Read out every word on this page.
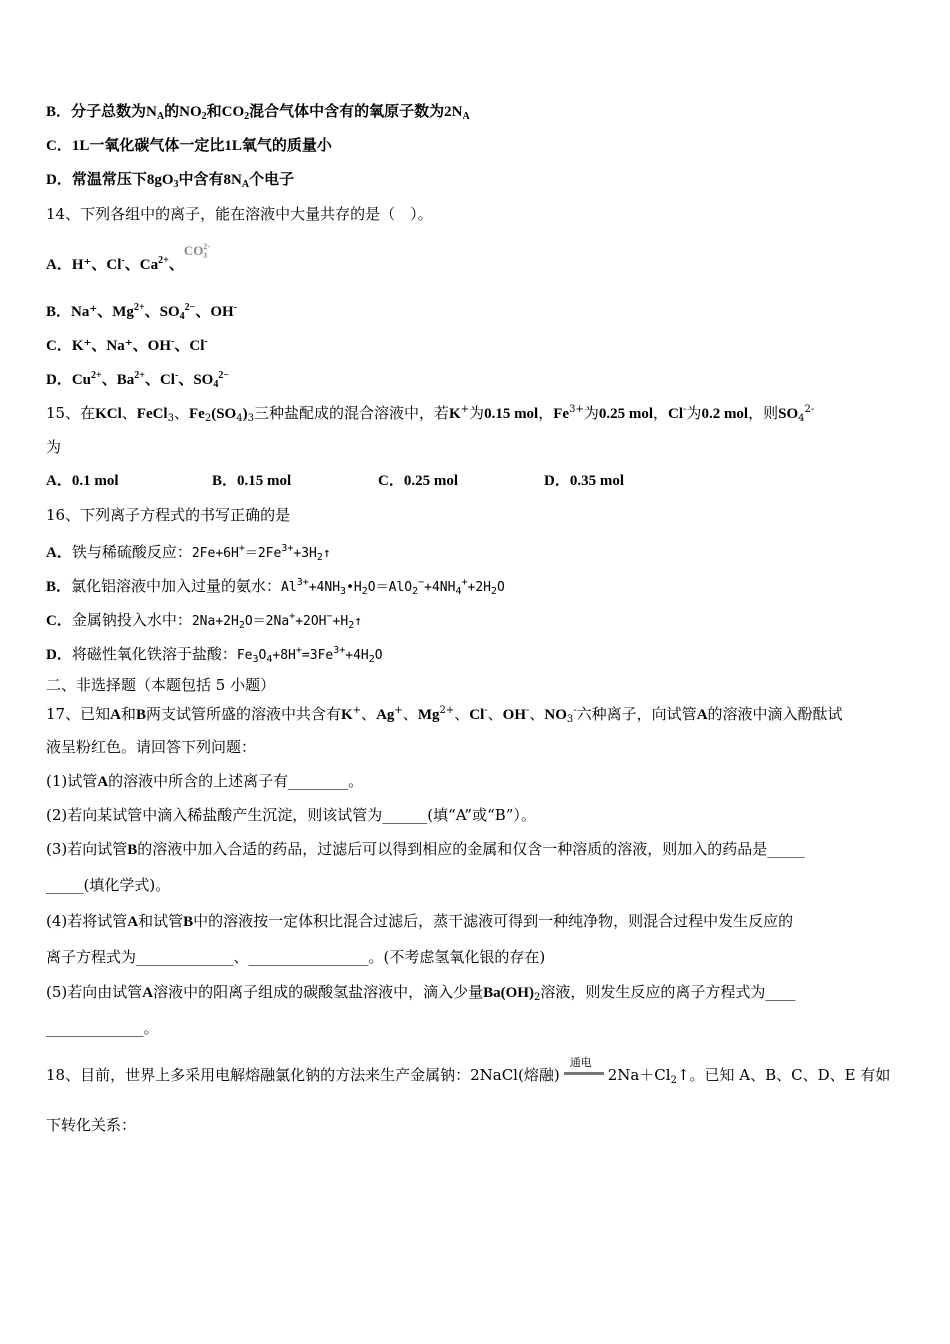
B．分子总数为$N_A$的$NO_2$和$CO_2$混合气体中含有的氧原子数为$2N_A$
C．1L一氧化碳气体一定比1L氧气的质量小
D．常温常压下$8gO_3$中含有$8N_A$个电子
14、下列各组中的离子，能在溶液中大量共存的是（　）。
A．H⁺、Cl-、$Ca^{2+}$、$CO^{2-}_3$
B．Na⁺、$Mg^{2+}$、$SO_4^{2-}$、OH-
C．K⁺、Na⁺、OH-、Cl-
D．$Cu^{2+}$、$Ba^{2+}$、Cl-、$SO_4^{2-}$
15、在KCl、FeCl$_3$、$Fe_2(SO_4)_3$三种盐配成的混合溶液中，若K+为0.15 mol，$Fe^{3+}$为0.25 mol，Cl-为0.2 mol，则$SO_4^{2-}$
为
A．0.1 mol	B．0.15 mol	C．0.25 mol	D．0.35 mol
16、下列离子方程式的书写正确的是
A．铁与稀硫酸反应：$2Fe+6H^+=2Fe^{3+}+3H_2↑$
B．氯化铝溶液中加入过量的氨水：$Al^{3+}+4NH_3•H_2O=AlO_2^-+4NH_4^++2H_2O$
C．金属钠投入水中：$2Na+2H_2O=2Na^++2OH^-+H_2↑$
D．将磁性氧化铁溶于盐酸：$Fe_3O_4+8H^+=3Fe^{3+}+4H_2O$
二、非选择题（本题包括 5 小题）
17、已知A和B两支试管所盛的溶液中共含有K+、Ag+、$Mg^{2+}$、Cl-、OH-、$NO_3^-$六种离子，向试管A的溶液中滴入酚酞试
液呈粉红色。请回答下列问题：
(1)试管A的溶液中所含的上述离子有________。
(2)若向某试管中滴入稀盐酸产生沉淀，则该试管为______(填“A”或“B”）。
(3)若向试管B的溶液中加入合适的药品，过滤后可以得到相应的金属和仅含一种溶质的溶液，则加入的药品是_____
_____(填化学式)。
(4)若将试管A和试管B中的溶液按一定体积比混合过滤后，蒸干滤液可得到一种纯净物，则混合过程中发生反应的
离子方程式为_____________、________________。(不考虑氢氧化银的存在)
(5)若向由试管A溶液中的阳离子组成的碳酸氢盐溶液中，滴入少量$Ba(OH)_2$溶液，则发生反应的离子方程式为____
_____________。
18、目前，世界上多采用电解熔融氯化钠的方法来生产金属钠：2NaCl(熔融)
通电
$2Na+Cl_2↑$。已知 A、B、C、D、E 有如
下转化关系：
